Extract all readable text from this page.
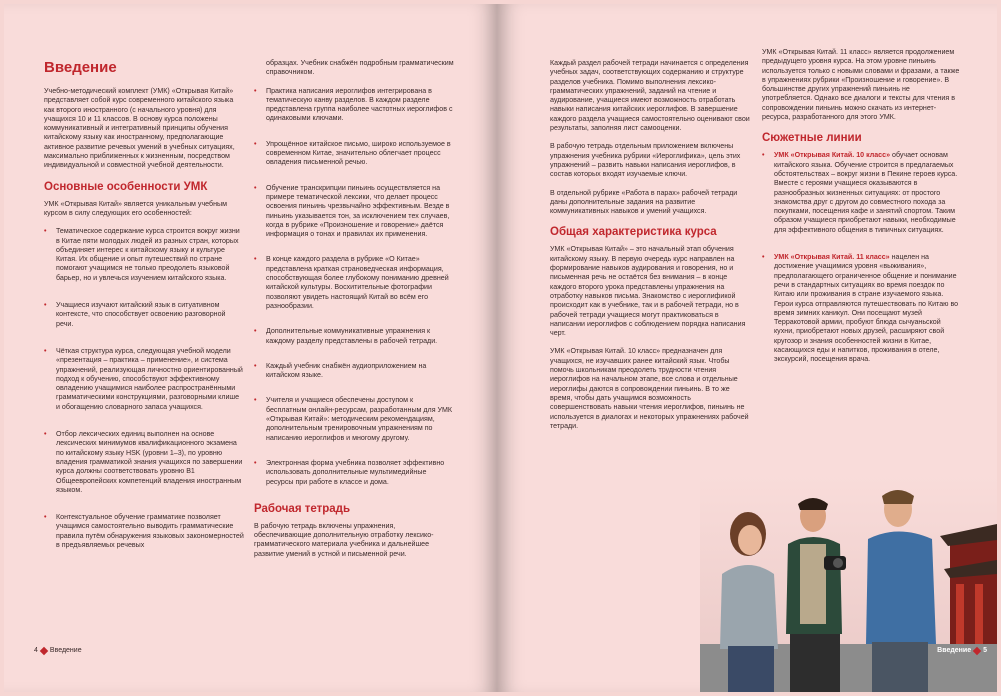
Введение

Учебно-методический комплект (УМК) «Открывая Китай» представляет собой курс современного китайского языка как второго иностранного (с начального уровня) для учащихся 10 и 11 классов. В основу курса положены коммуникативный и интегративный принципы обучения китайскому языку как иностранному, предполагающие активное развитие речевых умений в учебных ситуациях, максимально приближенных к жизненным, посредством индивидуальной и совместной учебной деятельности.

Основные особенности УМК

УМК «Открывая Китай» является уникальным учебным курсом в силу следующих его особенностей:

• Тематическое содержание курса строится вокруг жизни в Китае пяти молодых людей из разных стран, которых объединяет интерес к китайскому языку и культуре Китая. Их общение и опыт путешествий по стране помогают учащимся не только преодолеть языковой барьер, но и увлечься изучением китайского языка.
• Учащиеся изучают китайский язык в ситуативном контексте, что способствует освоению разговорной речи.
• Чёткая структура курса, следующая учебной модели «презентация – практика – применение», и система упражнений, реализующая личностно ориентированный подход к обучению, способствуют эффективному овладению учащимися наиболее распространёнными грамматическими конструкциями, разговорными клише и обогащению словарного запаса учащихся.
• Отбор лексических единиц выполнен на основе лексических минимумов квалификационного экзамена по китайскому языку HSK (уровни 1–3), по уровню владения грамматикой знания учащихся по завершении курса должны соответствовать уровню В1 Общеевропейских компетенций владения иностранным языком.
• Контекстуальное обучение грамматике позволяет учащимся самостоятельно выводить грамматические правила путём обнаружения языковых закономерностей в предъявляемых речевых

образцах. Учебник снабжён подробным грамматическим справочником.

• Практика написания иероглифов интегрирована в тематическую канву разделов. В каждом разделе представлена группа наиболее частотных иероглифов с одинаковыми ключами.
• Упрощённое китайское письмо, широко используемое в современном Китае, значительно облегчает процесс овладения письменной речью.
• Обучение транскрипции пиньинь осуществляется на примере тематической лексики, что делает процесс освоения пиньинь чрезвычайно эффективным. Везде в пиньинь указывается тон, за исключением тех случаев, когда в рубрике «Произношение и говорение» даётся информация о тонах и правилах их применения.
• В конце каждого раздела в рубрике «О Китае» представлена краткая страноведческая информация, способствующая более глубокому пониманию древней китайской культуры. Восхитительные фотографии позволяют увидеть настоящий Китай во всём его разнообразии.
• Дополнительные коммуникативные упражнения к каждому разделу представлены в рабочей тетради.
• Каждый учебник снабжён аудиоприложением на китайском языке.
• Учителя и учащиеся обеспечены доступом к бесплатным онлайн-ресурсам, разработанным для УМК «Открывая Китай»: методическим рекомендациям, дополнительным тренировочным упражнениям по написанию иероглифов и многому другому.
• Электронная форма учебника позволяет эффективно использовать дополнительные мультимедийные ресурсы при работе в классе и дома.
Рабочая тетрадь

В рабочую тетрадь включены упражнения, обеспечивающие дополнительную отработку лексико-грамматического материала учебника и дальнейшее развитие умений в устной и письменной речи.

4 Введение

Каждый раздел рабочей тетради начинается с определения учебных задач, соответствующих содержанию и структуре разделов учебника. Помимо выполнения лексико-грамматических упражнений, заданий на чтение и аудирование, учащиеся имеют возможность отработать навыки написания китайских иероглифов. В завершение каждого раздела учащиеся самостоятельно оценивают свои результаты, заполняя лист самооценки.

В рабочую тетрадь отдельным приложением включены упражнения учебника рубрики «Иероглифика», цель этих упражнений – развить навыки написания иероглифов, в состав которых входят изучаемые ключи.

В отдельной рубрике «Работа в парах» рабочей тетради даны дополнительные задания на развитие коммуникативных навыков и умений учащихся.

Общая характеристика курса

УМК «Открывая Китай» – это начальный этап обучения китайскому языку. В первую очередь курс направлен на формирование навыков аудирования и говорения, но и письменная речь не остаётся без внимания – в конце каждого второго урока представлены упражнения на отработку навыков письма. Знакомство с иероглификой происходит как в учебнике, так и в рабочей тетради, но в рабочей тетради учащиеся могут практиковаться в написании иероглифов с соблюдением порядка написания черт.

УМК «Открывая Китай. 10 класс» предназначен для учащихся, не изучавших ранее китайский язык. Чтобы помочь школьникам преодолеть трудности чтения иероглифов на начальном этапе, все слова и отдельные иероглифы даются в сопровождении пиньинь. В то же время, чтобы дать учащимся возможность совершенствовать навыки чтения иероглифов, пиньинь не используется в диалогах и некоторых упражнениях рабочей тетради.

УМК «Открывая Китай. 11 класс» является продолжением предыдущего уровня курса. На этом уровне пиньинь используется только с новыми словами и фразами, а также в упражнениях рубрики «Произношение и говорение». В большинстве других упражнений пиньинь не употребляется. Однако все диалоги и тексты для чтения в сопровождении пиньинь можно скачать из интернет-ресурса, разработанного для этого УМК.

Сюжетные линии
• УМК «Открывая Китай. 10 класс» обучает основам китайского языка. Обучение строится в предлагаемых обстоятельствах – вокруг жизни в Пекине героев курса. Вместе с героями учащиеся оказываются в разнообразных жизненных ситуациях: от простого знакомства друг с другом до совместного похода за покупками, посещения кафе и занятий спортом. Таким образом учащиеся приобретают навыки, необходимые для эффективного общения в типичных ситуациях.
• УМК «Открывая Китай. 11 класс» нацелен на достижение учащимися уровня «выживания», предполагающего ограниченное общение и понимание речи в стандартных ситуациях во время поездок по Китаю или проживания в стране изучаемого языка. Герои курса отправляются путешествовать по Китаю во время зимних каникул. Они посещают музей Терракотовой армии, пробуют блюда сычуаньской кухни, приобретают новых друзей, расширяют свой кругозор и знания особенностей жизни в Китае, касающихся еды и напитков, проживания в отеле, экскурсий, посещения врача.
Введение 5
